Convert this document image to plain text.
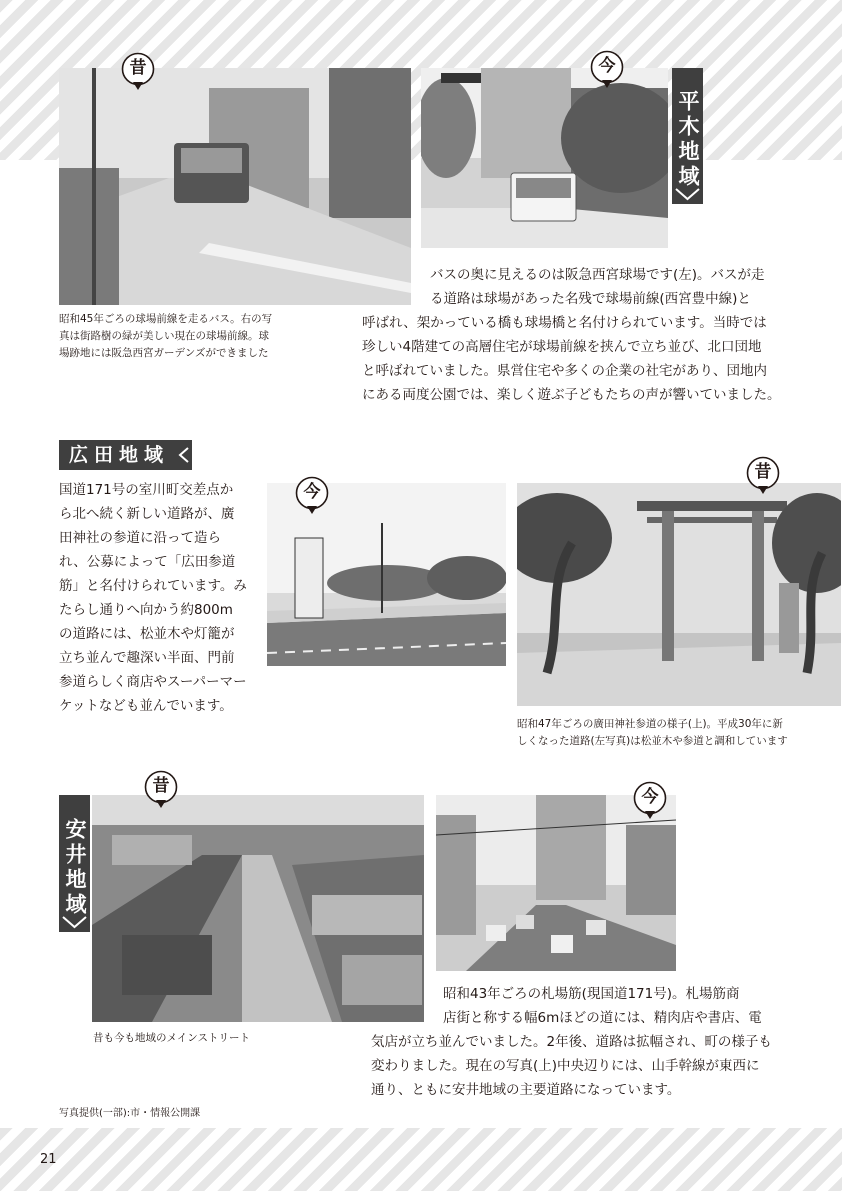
昔	今
平木地域
昭和45年ごろの球場前線を走るバス。右の写
真は街路樹の緑が美しい現在の球場前線。球
場跡地には阪急西宮ガーデンズができました
バスの奥に見えるのは阪急西宮球場です(左)。バスが走
る道路は球場があった名残で球場前線(西宮豊中線)と
呼ばれ、架かっている橋も球場橋と名付けられています。当時では
珍しい4階建ての高層住宅が球場前線を挟んで立ち並び、北口団地
と呼ばれていました。県営住宅や多くの企業の社宅があり、団地内
にある両度公園では、楽しく遊ぶ子どもたちの声が響いていました。
広田地域
国道171号の室川町交差点か
ら北へ続く新しい道路が、廣
田神社の参道に沿って造ら
れ、公募によって「広田参道
筋」と名付けられています。み
たらし通りへ向かう約800m
の道路には、松並木や灯籠が
立ち並んで趣深い半面、門前
参道らしく商店やスーパーマー
ケットなども並んでいます。
今
昔
昭和47年ごろの廣田神社参道の様子(上)。平成30年に新
しくなった道路(左写真)は松並木や参道と調和しています
安井地域
昔
今
昔も今も地域のメインストリート
昭和43年ごろの札場筋(現国道171号)。札場筋商
店街と称する幅6mほどの道には、精肉店や書店、電
気店が立ち並んでいました。2年後、道路は拡幅され、町の様子も
変わりました。現在の写真(上)中央辺りには、山手幹線が東西に
通り、ともに安井地域の主要道路になっています。
写真提供(一部):市・情報公開課
21
